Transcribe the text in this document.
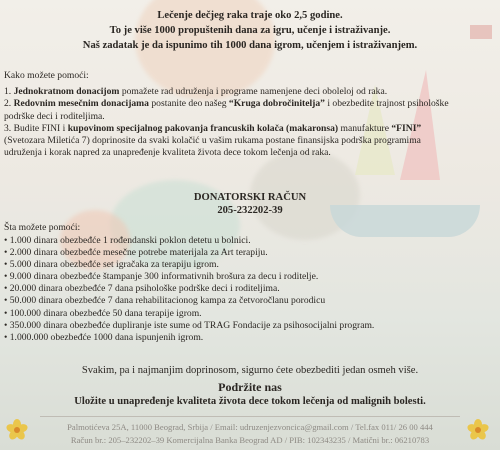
Lečenje dečjeg raka traje oko 2,5 godine.
To je više 1000 propuštenih dana za igru, učenje i istraživanje.
Naš zadatak je da ispunimo tih 1000 dana igrom, učenjem i istraživanjem.
Kako možete pomoći:

1. Jednokratnom donacijom pomažete rad udruženja i programe namenjene deci obolelој od raka.

2. Redovnim mesečnim donacijama postanite deo našeg “Kruga dobročinitelja” i obezbedite trajnost psihološke podrške deci i roditeljima.

3. Budite FINI i kupovinom specijalnog pakovanja francuskih kolača (makaronsa) manufakture “FINI” (Svetozara Miletića 7) doprinosite da svaki kolačić u vašim rukama postane finansijska podrška programima udruženja i korak napred za unapređenje kvaliteta života dece tokom lečenja od raka.

DONATORSKI RAČUN
205-232202-39
Šta možete pomoći:
• 1.000 dinara obezbeđće 1 rođendanski poklon detetu u bolnici.
• 2.000 dinara obezbeđće mesečne potrebe materijala za Art terapiju.
• 5.000 dinara obezbeđće set igračaka za terapiju igrom.
• 9.000 dinara obezbeđće štampanje 300 informativnih brošura za decu i roditelje.
• 20.000 dinara obezbeđće 7 dana psihološke podrške deci i roditeljima.
• 50.000 dinara obezbeđće 7 dana rehabilitacionog kampa za četvoročlanu porodicu
• 100.000 dinara obezbeđće 50 dana terapije igrom.
• 350.000 dinara obezbeđće dupliranje iste sume od TRAG Fondacije za psihosocijalni program.
• 1.000.000 obezbeđće 1000 dana ispunjenih igrom.
Svakim, pa i najmanjim doprinosom, sigurno ćete obezbediti jedan osmeh više.
Podržite nas
Uložite u unapređenje kvaliteta života dece tokom lečenja od malignih bolesti.
Palmotićeva 25A, 11000 Beograd, Srbija / Email: udruzenjezvoncica@gmail.com / Tel.fax 011/ 26 00 444
Račun br.: 205–232202–39 Komercijalna Banka Beograd AD / PIB: 102343235 / Matični br.: 06210783
